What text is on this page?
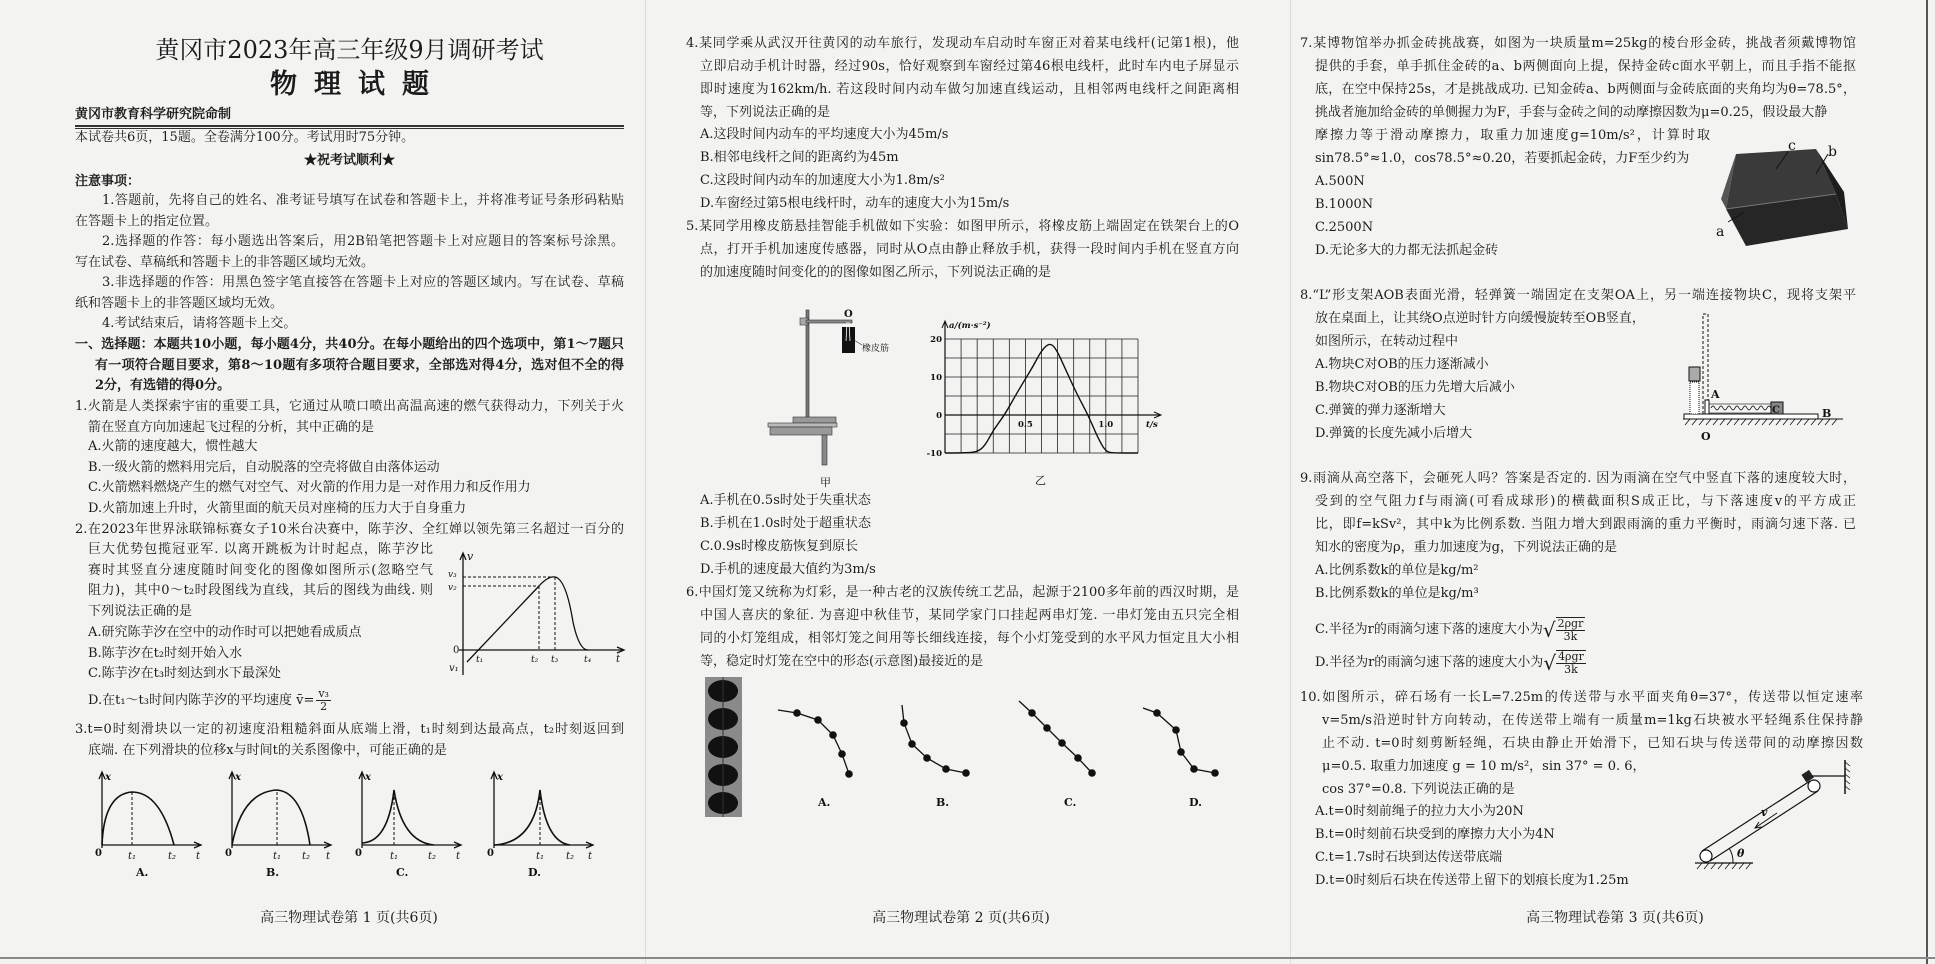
黄冈市2023年高三年级9月调研考试
物理试题
黄冈市教育科学研究院命制
本试卷共6页，15题。全卷满分100分。考试用时75分钟。
★祝考试顺利★
注意事项：
1.答题前，先将自己的姓名、准考证号填写在试卷和答题卡上，并将准考证号条形码粘贴
在答题卡上的指定位置。
2.选择题的作答：每小题选出答案后，用2B铅笔把答题卡上对应题目的答案标号涂黑。
写在试卷、草稿纸和答题卡上的非答题区域均无效。
3.非选择题的作答：用黑色签字笔直接答在答题卡上对应的答题区域内。写在试卷、草稿
纸和答题卡上的非答题区域均无效。
4.考试结束后，请将答题卡上交。
一、选择题：本题共10小题，每小题4分，共40分。在每小题给出的四个选项中，第1～7题只
有一项符合题目要求，第8～10题有多项符合题目要求，全部选对得4分，选对但不全的得
2分，有选错的得0分。
1.火箭是人类探索宇宙的重要工具，它通过从喷口喷出高温高速的燃气获得动力，下列关于火
箭在竖直方向加速起飞过程的分析，其中正确的是
A.火箭的速度越大，惯性越大
B.一级火箭的燃料用完后，自动脱落的空壳将做自由落体运动
C.火箭燃料燃烧产生的燃气对空气、对火箭的作用力是一对作用力和反作用力
D.火箭加速上升时，火箭里面的航天员对座椅的压力大于自身重力
2.在2023年世界泳联锦标赛女子10米台决赛中，陈芋汐、全红婵以领先第三名超过一百分的
巨大优势包揽冠亚军. 以离开跳板为计时起点，陈芋汐比
赛时其竖直分速度随时间变化的图像如图所示(忽略空气
阻力)，其中0～t₂时段图线为直线，其后的图线为曲线. 则
下列说法正确的是
A.研究陈芋汐在空中的动作时可以把她看成质点
B.陈芋汐在t₂时刻开始入水
C.陈芋汐在t₃时刻达到水下最深处
D.在t₁～t₃时间内陈芋汐的平均速度 v̄= $\frac{\text{v₃}}{2}$
v
v₃
v₂
0
v₁
t₁	t₂ t₃	t₄ t
3.t=0时刻滑块以一定的初速度沿粗糙斜面从底端上滑，t₁时刻到达最高点，t₂时刻返回到
底端. 在下列滑块的位移x与时间t的关系图像中，可能正确的是
x
0	t₁	t₂ t
A.
x
0	t₁ t₂ t
B.
x
0	t₁	t₂ t
C.
x
0	t₁ t₂ t
D.
高三物理试卷第 1 页(共6页)
4.某同学乘从武汉开往黄冈的动车旅行，发现动车启动时车窗正对着某电线杆(记第1根)，他
立即启动手机计时器，经过90s，恰好观察到车窗经过第46根电线杆，此时车内电子屏显示
即时速度为162km/h. 若这段时间内动车做匀加速直线运动，且相邻两电线杆之间距离相
等，下列说法正确的是
A.这段时间内动车的平均速度大小为45m/s
B.相邻电线杆之间的距离约为45m
C.这段时间内动车的加速度大小为1.8m/s²
D.车窗经过第5根电线杆时，动车的速度大小为15m/s
5.某同学用橡皮筋悬挂智能手机做如下实验：如图甲所示，将橡皮筋上端固定在铁架台上的O
点，打开手机加速度传感器，同时从O点由静止释放手机，获得一段时间内手机在竖直方向
的加速度随时间变化的的图像如图乙所示，下列说法正确的是
O
橡皮筋
甲	乙
20
10
0
-10
0.5	1.0
a/(m·s⁻²)
t/s
A.手机在0.5s时处于失重状态
B.手机在1.0s时处于超重状态
C.0.9s时橡皮筋恢复到原长
D.手机的速度最大值约为3m/s
6.中国灯笼又统称为灯彩，是一种古老的汉族传统工艺品，起源于2100多年前的西汉时期，是
中国人喜庆的象征. 为喜迎中秋佳节，某同学家门口挂起两串灯笼. 一串灯笼由五只完全相
同的小灯笼组成，相邻灯笼之间用等长细线连接，每个小灯笼受到的水平风力恒定且大小相
等，稳定时灯笼在空中的形态(示意图)最接近的是
A.	B.	C.	D.
高三物理试卷第 2 页(共6页)
7.某博物馆举办抓金砖挑战赛，如图为一块质量m=25kg的棱台形金砖，挑战者须戴博物馆
提供的手套，单手抓住金砖的a、b两侧面向上提，保持金砖c面水平朝上，而且手指不能抠
底，在空中保持25s，才是挑战成功. 已知金砖a、b两侧面与金砖底面的夹角均为θ=78.5°，
挑战者施加给金砖的单侧握力为F，手套与金砖之间的动摩擦因数为μ=0.25，假设最大静
摩擦力等于滑动摩擦力，取重力加速度g=10m/s²，计算时取
sin78.5°≈1.0，cos78.5°≈0.20，若要抓起金砖，力F至少约为
A.500N
B.1000N
C.2500N
D.无论多大的力都无法抓起金砖
c b
a
8.“L”形支架AOB表面光滑，轻弹簧一端固定在支架OA上，另一端连接物块C，现将支架平
放在桌面上，让其绕O点逆时针方向缓慢旋转至OB竖直，
如图所示，在转动过程中
A.物块C对OB的压力逐渐减小
B.物块C对OB的压力先增大后减小
C.弹簧的弹力逐渐增大
D.弹簧的长度先减小后增大
A
C	B
O
9.雨滴从高空落下，会砸死人吗？答案是否定的. 因为雨滴在空气中竖直下落的速度较大时，
受到的空气阻力f与雨滴(可看成球形)的横截面积S成正比，与下落速度v的平方成正
比，即f=kSv²，其中k为比例系数. 当阻力增大到跟雨滴的重力平衡时，雨滴匀速下落. 已
知水的密度为ρ，重力加速度为g，下列说法正确的是
A.比例系数k的单位是kg/m²
B.比例系数k的单位是kg/m³
C.半径为r的雨滴匀速下落的速度大小为√ $\frac{\text{2ρgr}}{3k}$
D.半径为r的雨滴匀速下落的速度大小为√ $\frac{\text{4ρgr}}{3k}$
10.如图所示，碎石场有一长L=7.25m的传送带与水平面夹角θ=37°，传送带以恒定速率
v=5m/s沿逆时针方向转动，在传送带上端有一质量m=1kg石块被水平轻绳系住保持静
止不动. t=0时刻剪断轻绳，石块由静止开始滑下，已知石块与传送带间的动摩擦因数
μ=0.5. 取重力加速度 g = 10 m/s²，sin 37° = 0. 6，
cos 37°=0.8. 下列说法正确的是
A.t=0时刻前绳子的拉力大小为20N
B.t=0时刻前石块受到的摩擦力大小为4N
C.t=1.7s时石块到达传送带底端
D.t=0时刻后石块在传送带上留下的划痕长度为1.25m
v
θ
高三物理试卷第 3 页(共6页)
